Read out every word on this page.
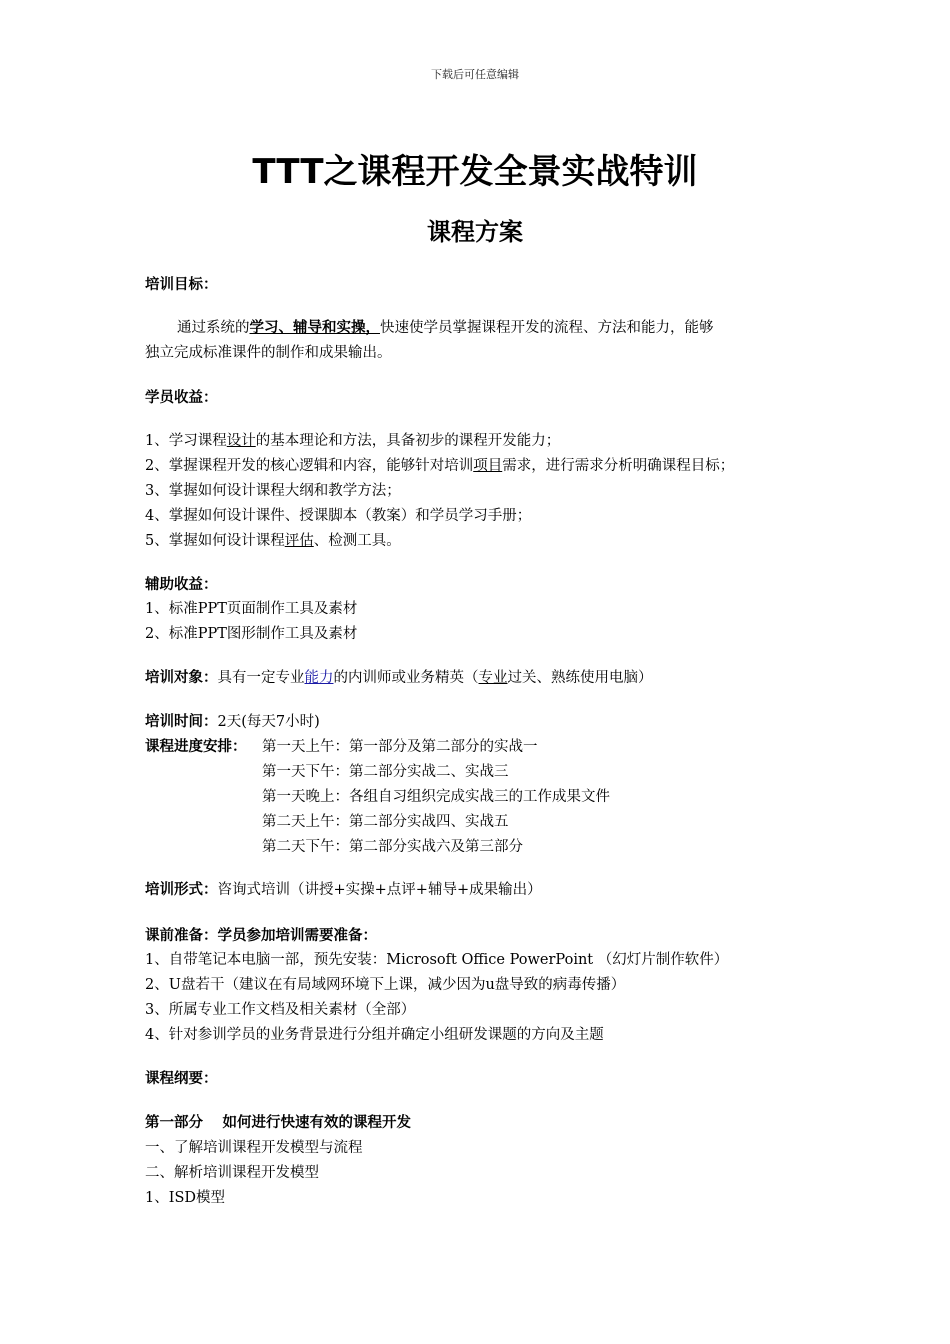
下载后可任意编辑
TTT之课程开发全景实战特训
课程方案
培训目标：
通过系统的学习、辅导和实操，快速使学员掌握课程开发的流程、方法和能力，能够
独立完成标准课件的制作和成果输出。
学员收益：
1、学习课程设计的基本理论和方法，具备初步的课程开发能力；
2、掌握课程开发的核心逻辑和内容，能够针对培训项目需求，进行需求分析明确课程目标；
3、掌握如何设计课程大纲和教学方法；
4、掌握如何设计课件、授课脚本（教案）和学员学习手册；
5、掌握如何设计课程评估、检测工具。
辅助收益：
1、标准PPT页面制作工具及素材
2、标准PPT图形制作工具及素材
培训对象：具有一定专业能力的内训师或业务精英（专业过关、熟练使用电脑）
培训时间：2天(每天7小时)
课程进度安排： 第一天上午：第一部分及第二部分的实战一
第一天下午：第二部分实战二、实战三
第一天晚上：各组自习组织完成实战三的工作成果文件
第二天上午：第二部分实战四、实战五
第二天下午：第二部分实战六及第三部分
培训形式：咨询式培训（讲授+实操+点评+辅导+成果输出）
课前准备：学员参加培训需要准备：
1、自带笔记本电脑一部，预先安装：Microsoft Office PowerPoint （幻灯片制作软件）
2、U盘若干（建议在有局域网环境下上课，减少因为u盘导致的病毒传播）
3、所属专业工作文档及相关素材（全部）
4、针对参训学员的业务背景进行分组并确定小组研发课题的方向及主题
课程纲要：
第一部分　 如何进行快速有效的课程开发
一、了解培训课程开发模型与流程
二、解析培训课程开发模型
1、ISD模型
